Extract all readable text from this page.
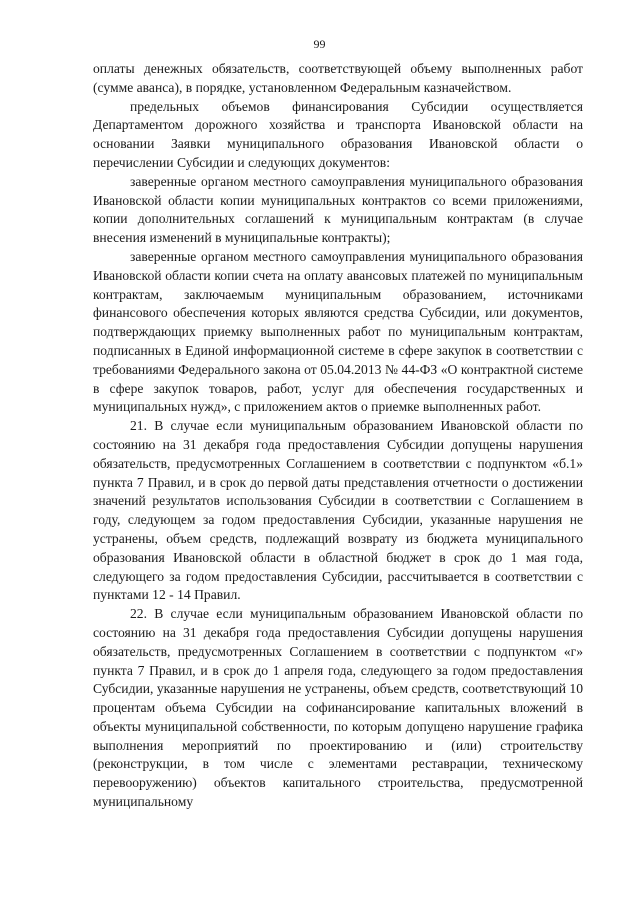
99

оплаты денежных обязательств, соответствующей объему выполненных работ (сумме аванса), в порядке, установленном Федеральным казначейством.

предельных объемов финансирования Субсидии осуществляется Департаментом дорожного хозяйства и транспорта Ивановской области на основании Заявки муниципального образования Ивановской области о перечислении Субсидии и следующих документов:

заверенные органом местного самоуправления муниципального образования Ивановской области копии муниципальных контрактов со всеми приложениями, копии дополнительных соглашений к муниципальным контрактам (в случае внесения изменений в муниципальные контракты);

заверенные органом местного самоуправления муниципального образования Ивановской области копии счета на оплату авансовых платежей по муниципальным контрактам, заключаемым муниципальным образованием, источниками финансового обеспечения которых являются средства Субсидии, или документов, подтверждающих приемку выполненных работ по муниципальным контрактам, подписанных в Единой информационной системе в сфере закупок в соответствии с требованиями Федерального закона от 05.04.2013 № 44-ФЗ «О контрактной системе в сфере закупок товаров, работ, услуг для обеспечения государственных и муниципальных нужд», с приложением актов о приемке выполненных работ.

21. В случае если муниципальным образованием Ивановской области по состоянию на 31 декабря года предоставления Субсидии допущены нарушения обязательств, предусмотренных Соглашением в соответствии с подпунктом «б.1» пункта 7 Правил, и в срок до первой даты представления отчетности о достижении значений результатов использования Субсидии в соответствии с Соглашением в году, следующем за годом предоставления Субсидии, указанные нарушения не устранены, объем средств, подлежащий возврату из бюджета муниципального образования Ивановской области в областной бюджет в срок до 1 мая года, следующего за годом предоставления Субсидии, рассчитывается в соответствии с пунктами 12 - 14 Правил.

22. В случае если муниципальным образованием Ивановской области по состоянию на 31 декабря года предоставления Субсидии допущены нарушения обязательств, предусмотренных Соглашением в соответствии с подпунктом «г» пункта 7 Правил, и в срок до 1 апреля года, следующего за годом предоставления Субсидии, указанные нарушения не устранены, объем средств, соответствующий 10 процентам объема Субсидии на софинансирование капитальных вложений в объекты муниципальной собственности, по которым допущено нарушение графика выполнения мероприятий по проектированию и (или) строительству (реконструкции, в том числе с элементами реставрации, техническому перевооружению) объектов капитального строительства, предусмотренной муниципальному
